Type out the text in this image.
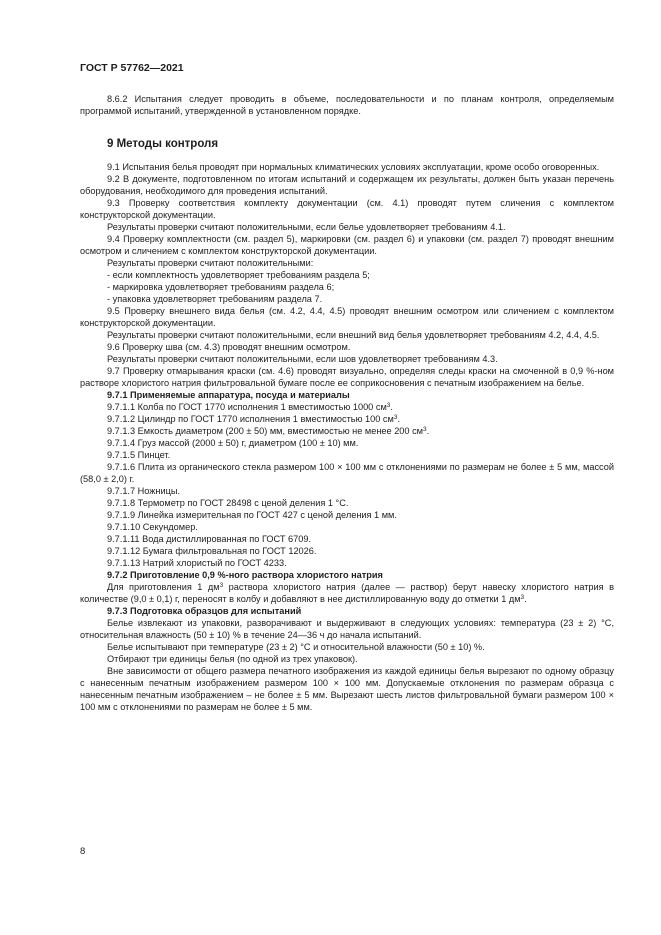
ГОСТ Р 57762—2021

8.6.2 Испытания следует проводить в объеме, последовательности и по планам контроля, определяемым программой испытаний, утвержденной в установленном порядке.

9 Методы контроля

9.1 Испытания белья проводят при нормальных климатических условиях эксплуатации, кроме особо оговоренных.

9.2 В документе, подготовленном по итогам испытаний и содержащем их результаты, должен быть указан перечень оборудования, необходимого для проведения испытаний.

9.3 Проверку соответствия комплекту документации (см. 4.1) проводят путем сличения с комплектом конструкторской документации.

Результаты проверки считают положительными, если белье удовлетворяет требованиям 4.1.

9.4 Проверку комплектности (см. раздел 5), маркировки (см. раздел 6) и упаковки (см. раздел 7) проводят внешним осмотром и сличением с комплектом конструкторской документации.

Результаты проверки считают положительными:

- если комплектность удовлетворяет требованиям раздела 5;

- маркировка удовлетворяет требованиям раздела 6;

- упаковка удовлетворяет требованиям раздела 7.

9.5 Проверку внешнего вида белья (см. 4.2, 4.4, 4.5) проводят внешним осмотром или сличением с комплектом конструкторской документации.

Результаты проверки считают положительными, если внешний вид белья удовлетворяет требованиям 4.2, 4.4, 4.5.

9.6 Проверку шва (см. 4.3) проводят внешним осмотром.

Результаты проверки считают положительными, если шов удовлетворяет требованиям 4.3.

9.7 Проверку отмарывания краски (см. 4.6) проводят визуально, определяя следы краски на смоченной в 0,9 %-ном растворе хлористого натрия фильтровальной бумаге после ее соприкосновения с печатным изображением на белье.

9.7.1 Применяемые аппаратура, посуда и материалы

9.7.1.1 Колба по ГОСТ 1770 исполнения 1 вместимостью 1000 $см^3$.

9.7.1.2 Цилиндр по ГОСТ 1770 исполнения 1 вместимостью 100 $см^3$.

9.7.1.3 Емкость диаметром (200 ± 50) мм, вместимостью не менее 200 $см^3$.

9.7.1.4 Груз массой (2000 ± 50) г, диаметром (100 ± 10) мм.

9.7.1.5 Пинцет.

9.7.1.6 Плита из органического стекла размером 100 × 100 мм с отклонениями по размерам не более ± 5 мм, массой (58,0 ± 2,0) г.

9.7.1.7 Ножницы.

9.7.1.8 Термометр по ГОСТ 28498 с ценой деления 1 °С.

9.7.1.9 Линейка измерительная по ГОСТ 427 с ценой деления 1 мм.

9.7.1.10 Секундомер.

9.7.1.11 Вода дистиллированная по ГОСТ 6709.

9.7.1.12 Бумага фильтровальная по ГОСТ 12026.

9.7.1.13 Натрий хлористый по ГОСТ 4233.

9.7.2 Приготовление 0,9 %-ного раствора хлористого натрия

Для приготовления 1 $дм^3$ раствора хлористого натрия (далее — раствор) берут навеску хлористого натрия в количестве (9,0 ± 0,1) г, переносят в колбу и добавляют в нее дистиллированную воду до отметки 1 $дм^3$.

9.7.3 Подготовка образцов для испытаний

Белье извлекают из упаковки, разворачивают и выдерживают в следующих условиях: температура (23 ± 2) °С, относительная влажность (50 ± 10) % в течение 24—36 ч до начала испытаний.

Белье испытывают при температуре (23 ± 2) °С и относительной влажности (50 ± 10) %.

Отбирают три единицы белья (по одной из трех упаковок).

Вне зависимости от общего размера печатного изображения из каждой единицы белья вырезают по одному образцу с нанесенным печатным изображением размером 100 × 100 мм. Допускаемые отклонения по размерам образца с нанесенным печатным изображением – не более ± 5 мм. Вырезают шесть листов фильтровальной бумаги размером 100 × 100 мм с отклонениями по размерам не более ± 5 мм.

8
